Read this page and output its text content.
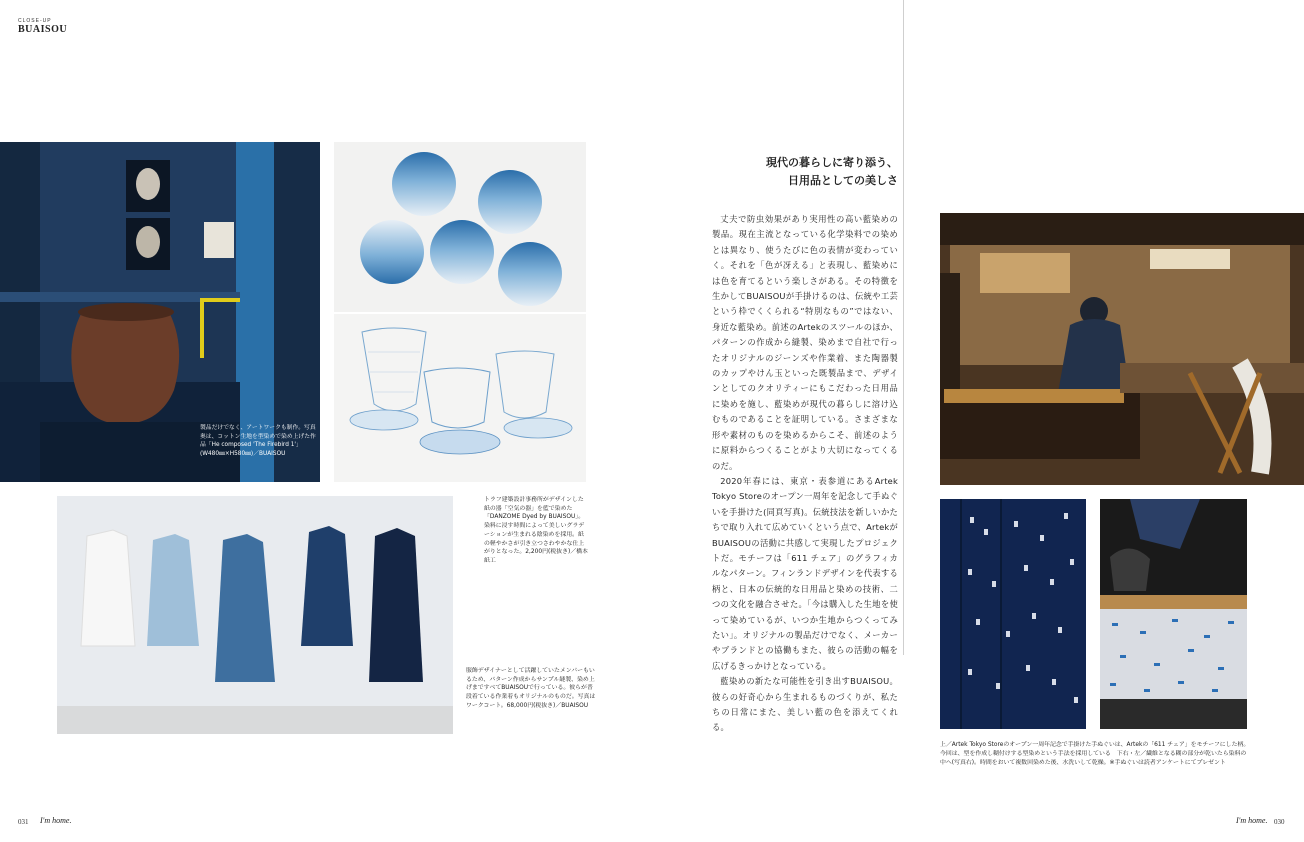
CLOSE-UP
BUAISOU
製品だけでなく、アートワークも制作。写真奥は、コットン生地を型染めで染め上げた作品「He composed 'The Firebird 1'」(W480㎜×H580㎜)／BUAISOU
トラフ建築設計事務所がデザインした紙の器「空気の器」を藍で染めた「DANZOME Dyed by BUAISOU」。染料に浸す時間によって美しいグラデーションが生まれる陰染めを採用。紙の軽やかさが引き立つさわやかな仕上がりとなった。2,200円(税抜き)／橋本紙工
服飾デザイナーとして活躍していたメンバーもいるため、パターン作成からサンプル縫製、染め上げまですべてBUAISOUで行っている。彼らが普段着ている作業着もオリジナルのものだ。写真はワークコート。68,000円(税抜き)／BUAISOU
現代の暮らしに寄り添う、
日用品としての美しさ

丈夫で防虫効果があり実用性の高い藍染めの製品。現在主流となっている化学染料での染めとは異なり、使うたびに色の表情が変わっていく。それを「色が冴える」と表現し、藍染めには色を育てるという楽しさがある。その特徴を生かしてBUAISOUが手掛けるのは、伝統や工芸という枠でくくられる“特別なもの”ではない、身近な藍染め。前述のArtekのスツールのほか、パターンの作成から縫製、染めまで自社で行ったオリジナルのジーンズや作業着、また陶器製のカップやけん玉といった既製品まで、デザインとしてのクオリティーにもこだわった日用品に染めを施し、藍染めが現代の暮らしに溶け込むものであることを証明している。さまざまな形や素材のものを染めるからこそ、前述のように原料からつくることがより大切になってくるのだ。

2020年春には、東京・表参道にあるArtek Tokyo Storeのオープン一周年を記念して手ぬぐいを手掛けた(同頁写真)。伝統技法を新しいかたちで取り入れて広めていくという点で、ArtekがBUAISOUの活動に共感して実現したプロジェクトだ。モチーフは「611 チェア」のグラフィカルなパターン。フィンランドデザインを代表する柄と、日本の伝統的な日用品と染めの技術、二つの文化を融合させた。「今は購入した生地を使って染めているが、いつか生地からつくってみたい」。オリジナルの製品だけでなく、メーカーやブランドとの協働もまた、彼らの活動の幅を広げるきっかけとなっている。

藍染めの新たな可能性を引き出すBUAISOU。彼らの好奇心から生まれるものづくりが、私たちの日常にまた、美しい藍の色を添えてくれる。

上／Artek Tokyo Storeのオープン一周年記念で手掛けた手ぬぐいは、Artekの「611 チェア」をモチーフにした柄。今回は、型を作成し糊付けする型染めという手法を採用している　下右・左／繊維となる糊の部分が乾いたら染料の中へ(写真右)。時間をおいて複数回染めた後、水洗いして乾燥。※手ぬぐいは読者アンケートにてプレゼント
031 I'm home.	I'm home. 030
